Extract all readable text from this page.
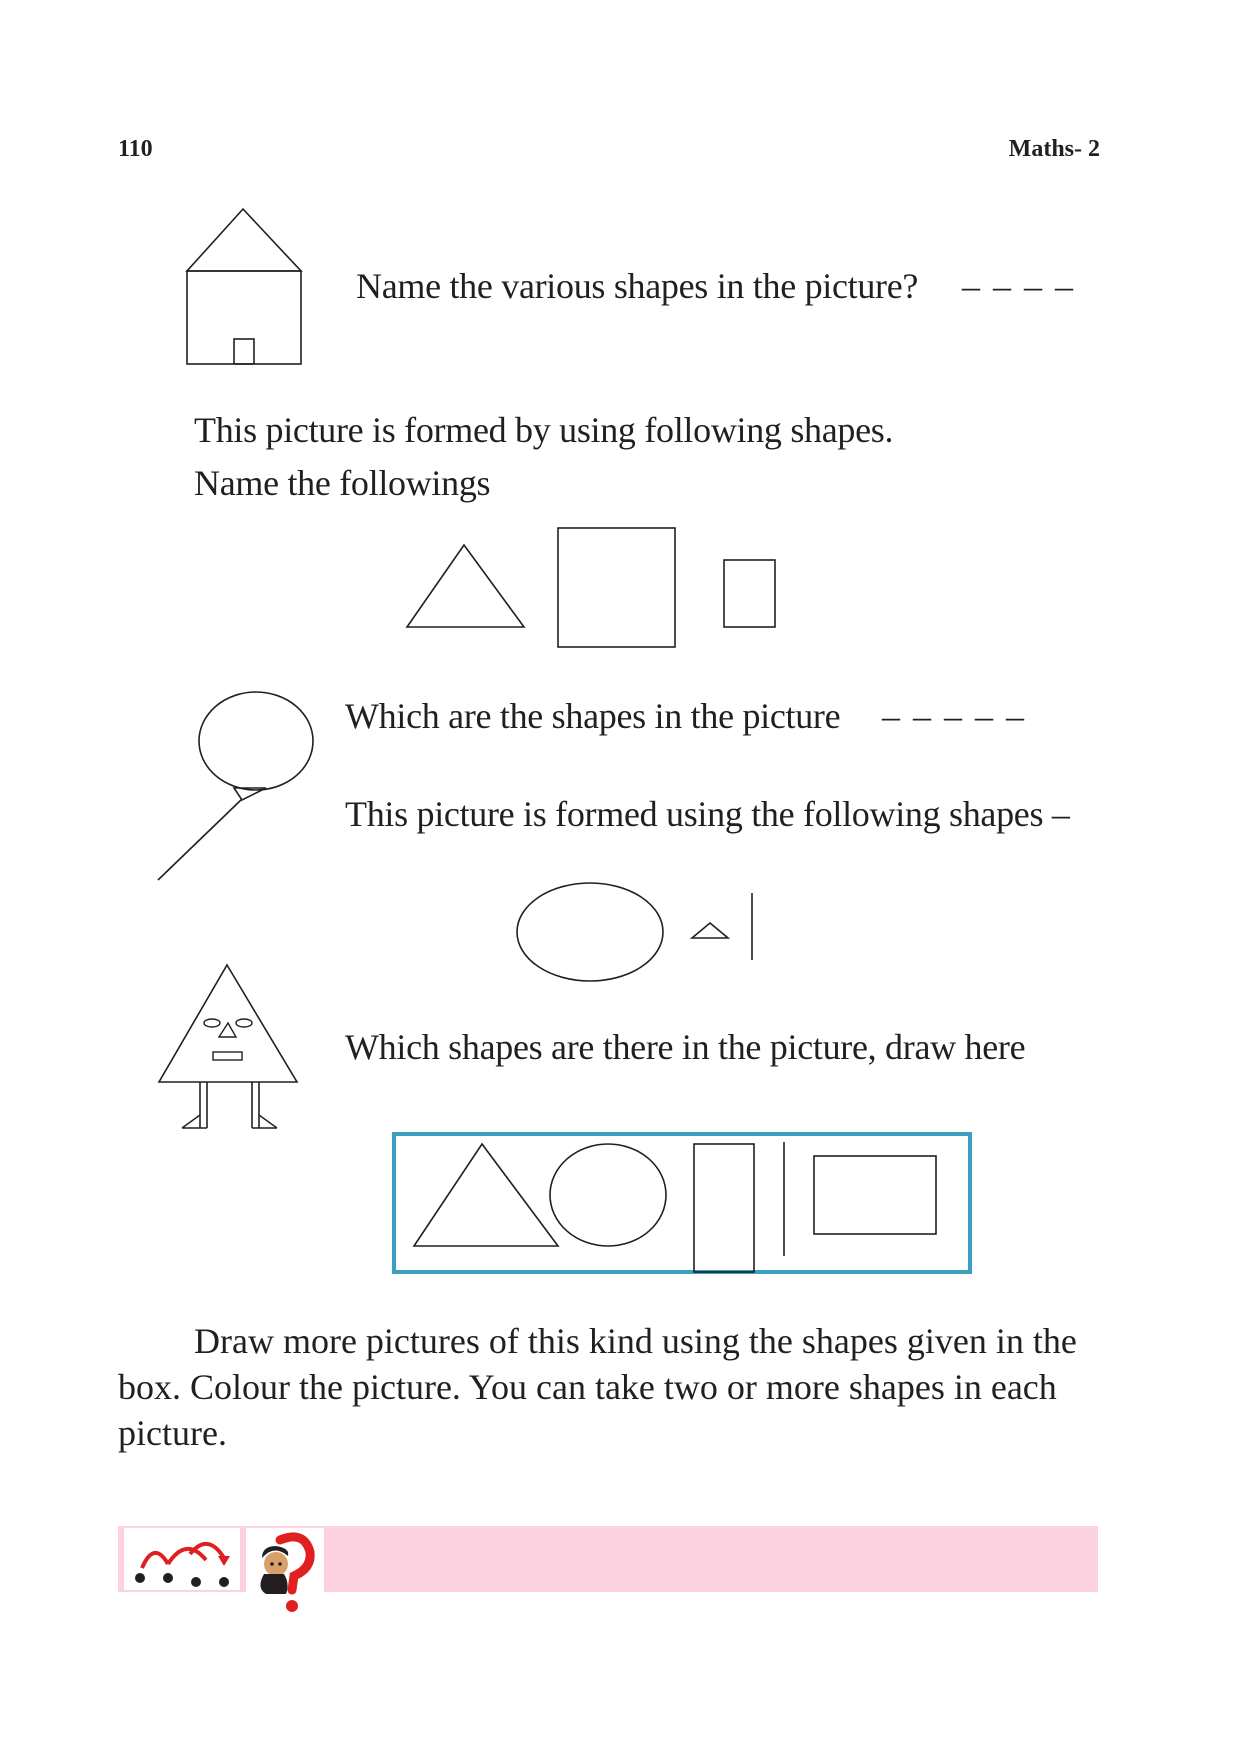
110	Maths- 2
Name the various shapes in the picture? – – – –
This picture is formed by using following shapes.
Name the followings
Which are the shapes in the picture – – – – –
This picture is formed using the following shapes –
Which shapes are there in the picture, draw here
Draw more pictures of this kind using the shapes given in the box. Colour the picture. You can take two or more shapes in each picture.
